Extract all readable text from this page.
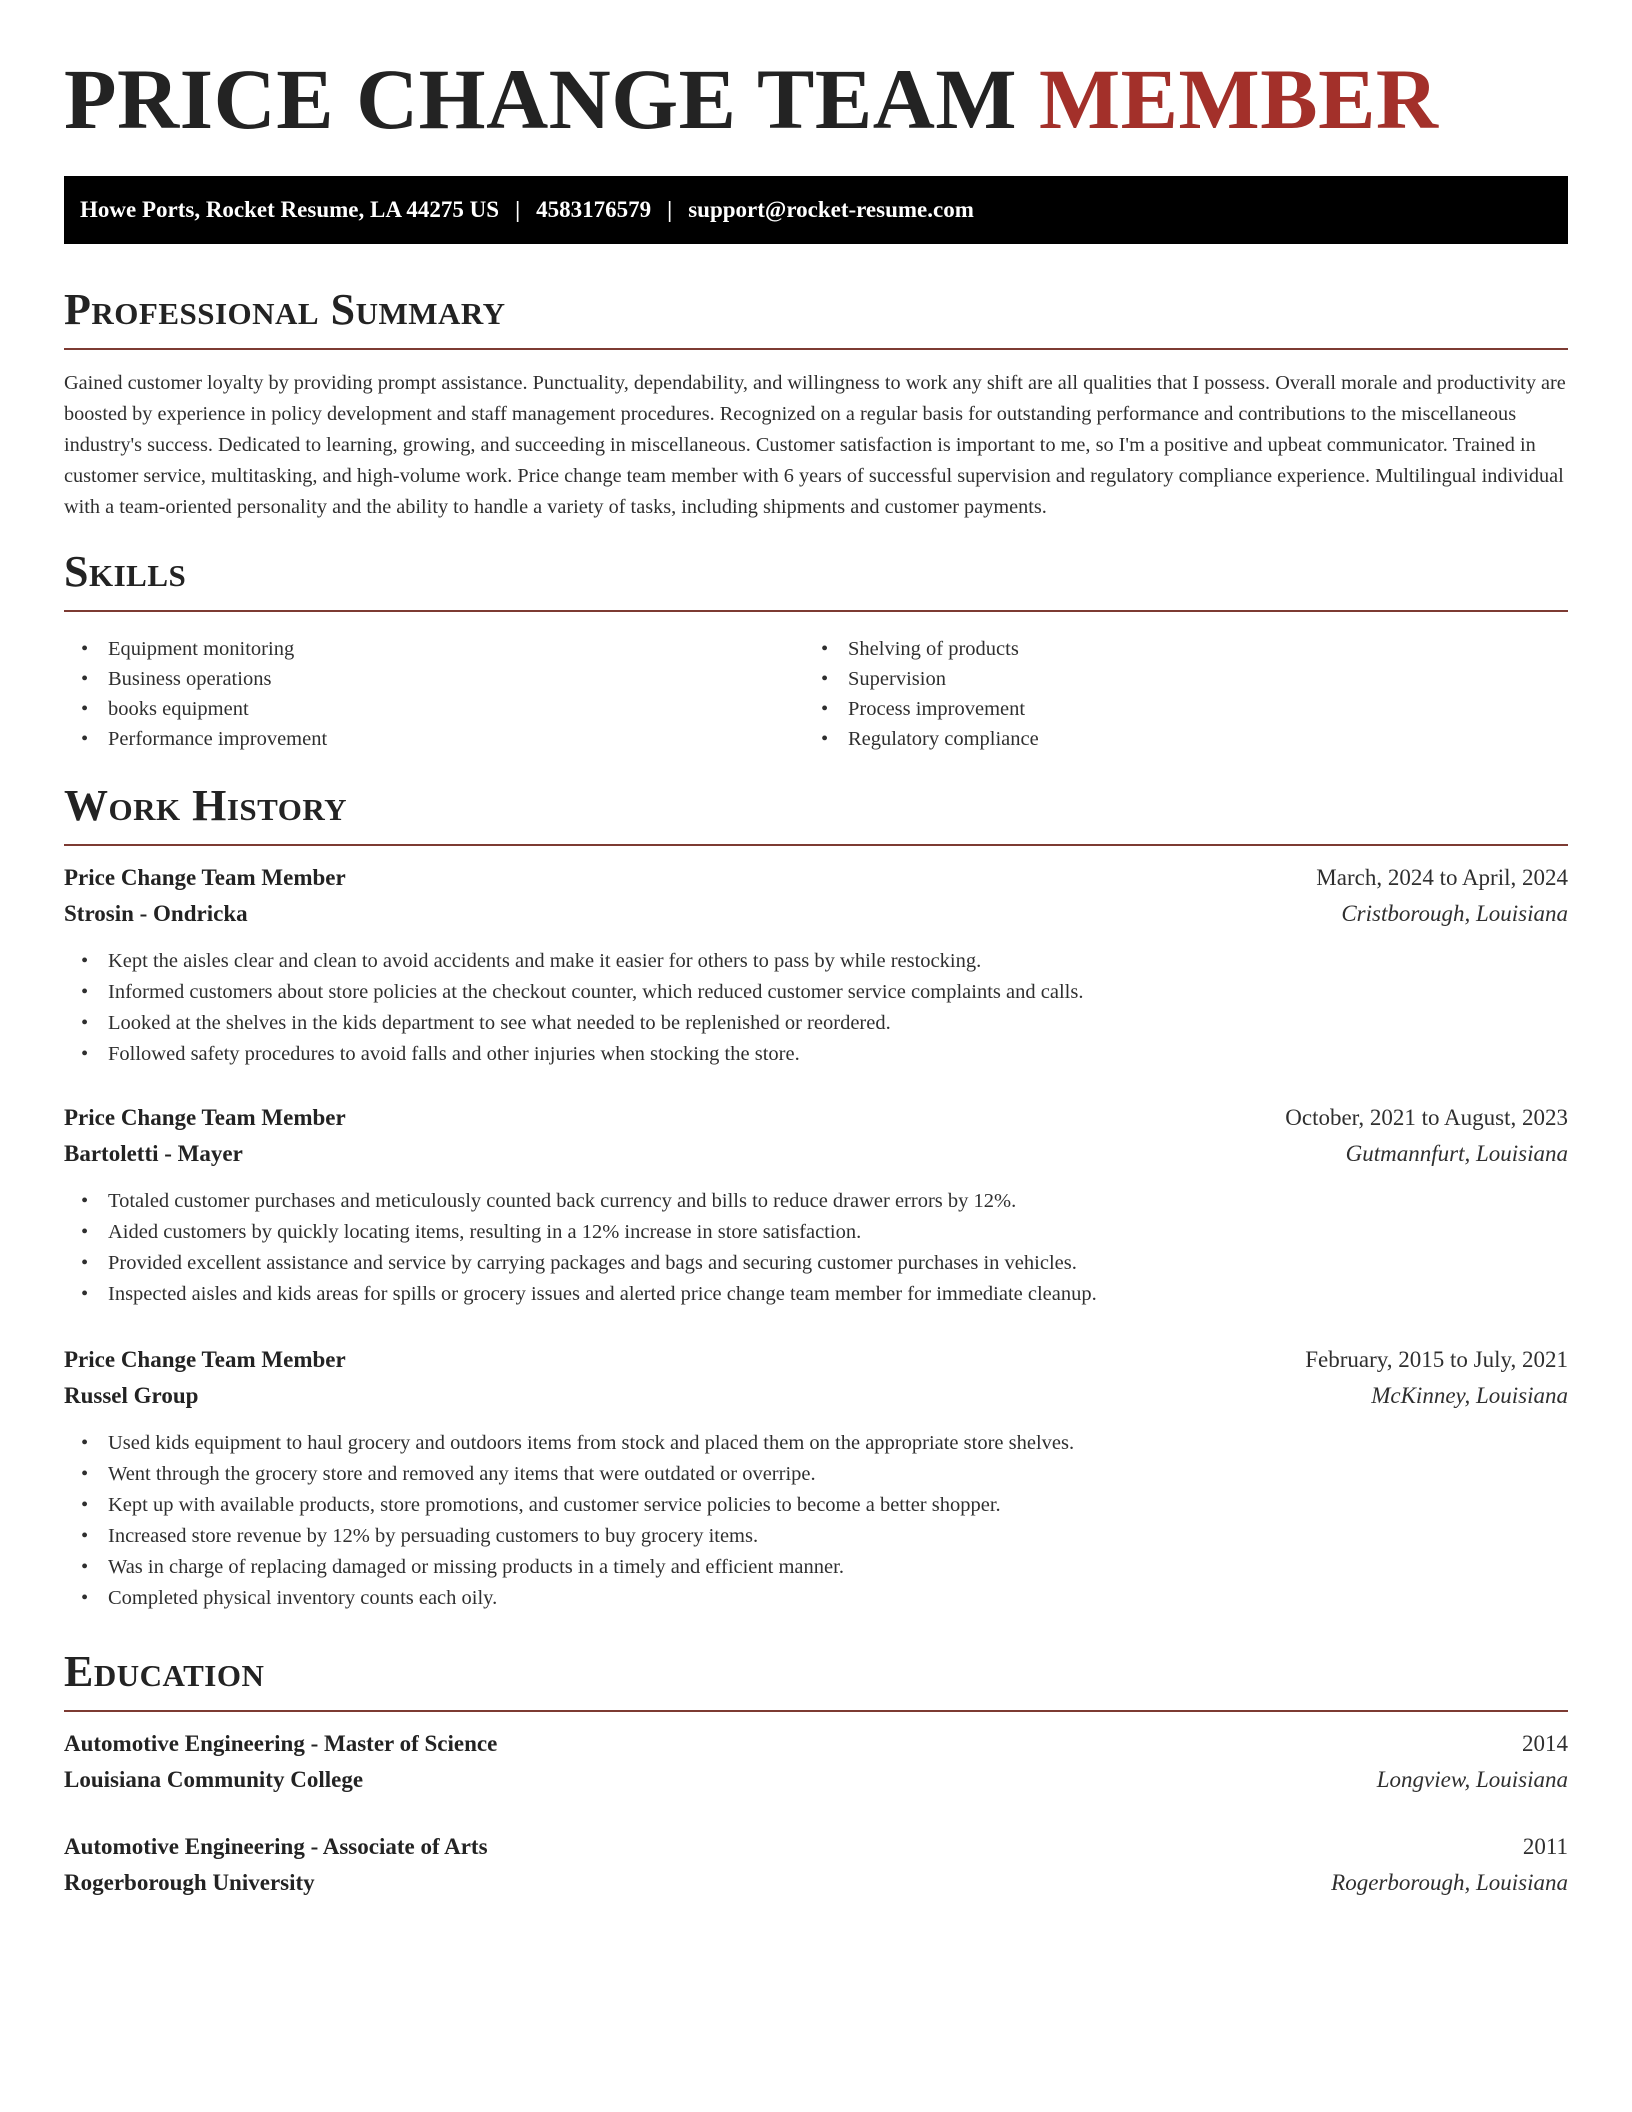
PRICE CHANGE TEAM MEMBER
Howe Ports, Rocket Resume, LA 44275 US | 4583176579 | support@rocket-resume.com
Professional Summary

Gained customer loyalty by providing prompt assistance. Punctuality, dependability, and willingness to work any shift are all qualities that I possess. Overall morale and productivity are boosted by experience in policy development and staff management procedures. Recognized on a regular basis for outstanding performance and contributions to the miscellaneous industry's success. Dedicated to learning, growing, and succeeding in miscellaneous. Customer satisfaction is important to me, so I'm a positive and upbeat communicator. Trained in customer service, multitasking, and high-volume work. Price change team member with 6 years of successful supervision and regulatory compliance experience. Multilingual individual with a team-oriented personality and the ability to handle a variety of tasks, including shipments and customer payments.

Skills
• Equipment monitoring
• Business operations
• books equipment
• Performance improvement
• Shelving of products
• Supervision
• Process improvement
• Regulatory compliance
Work History
Price Change Team Member	March, 2024 to April, 2024
Strosin - Ondricka	Cristborough, Louisiana
• Kept the aisles clear and clean to avoid accidents and make it easier for others to pass by while restocking.
• Informed customers about store policies at the checkout counter, which reduced customer service complaints and calls.
• Looked at the shelves in the kids department to see what needed to be replenished or reordered.
• Followed safety procedures to avoid falls and other injuries when stocking the store.
Price Change Team Member	October, 2021 to August, 2023
Bartoletti - Mayer	Gutmannfurt, Louisiana
• Totaled customer purchases and meticulously counted back currency and bills to reduce drawer errors by 12%.
• Aided customers by quickly locating items, resulting in a 12% increase in store satisfaction.
• Provided excellent assistance and service by carrying packages and bags and securing customer purchases in vehicles.
• Inspected aisles and kids areas for spills or grocery issues and alerted price change team member for immediate cleanup.
Price Change Team Member	February, 2015 to July, 2021
Russel Group	McKinney, Louisiana
• Used kids equipment to haul grocery and outdoors items from stock and placed them on the appropriate store shelves.
• Went through the grocery store and removed any items that were outdated or overripe.
• Kept up with available products, store promotions, and customer service policies to become a better shopper.
• Increased store revenue by 12% by persuading customers to buy grocery items.
• Was in charge of replacing damaged or missing products in a timely and efficient manner.
• Completed physical inventory counts each oily.
Education
Automotive Engineering - Master of Science	2014
Louisiana Community College	Longview, Louisiana
Automotive Engineering - Associate of Arts	2011
Rogerborough University	Rogerborough, Louisiana
